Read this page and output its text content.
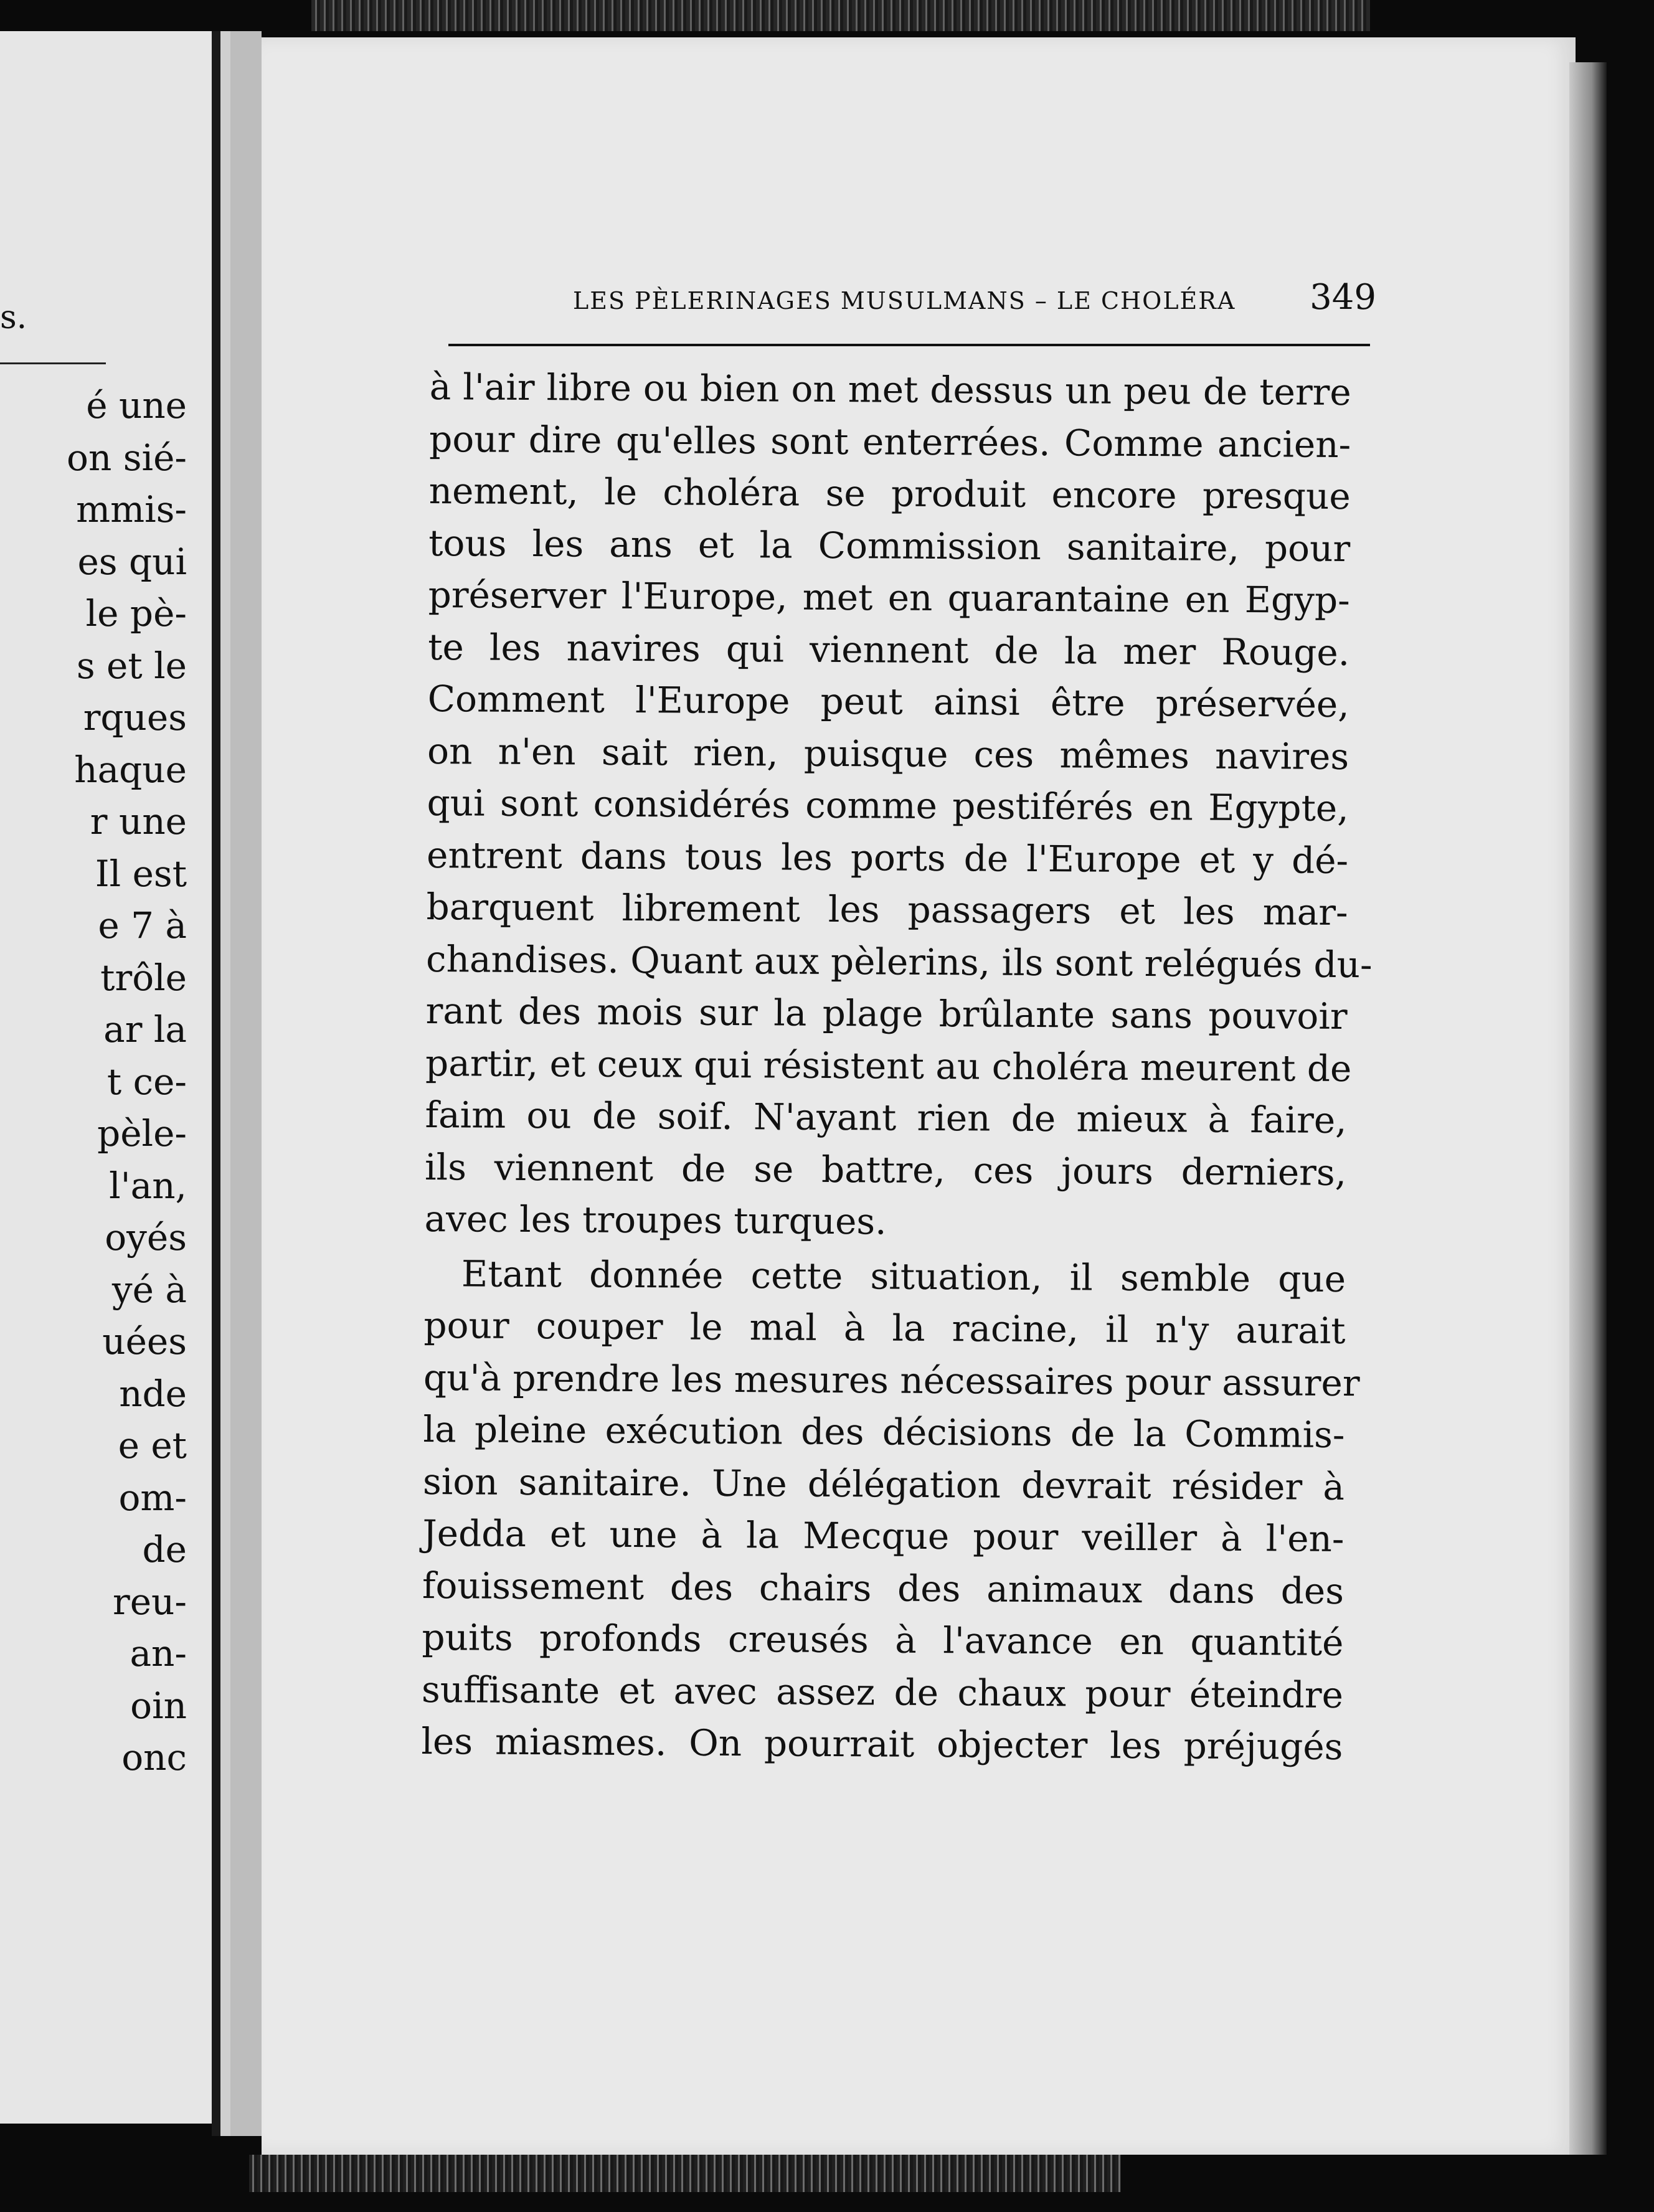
s.
é une
on sié-
mmis-
es qui
le pè-
s et le
rques
haque
r une
Il est
e 7 à
trôle
ar la
t ce-
pèle-
l'an,
oyés
yé à
uées
nde
e et
om-
de
reu-
an-
oin
onc
LES PÈLERINAGES MUSULMANS – LE CHOLÉRA 349
à l'air libre ou bien on met dessus un peu de terre
pour dire qu'elles sont enterrées. Comme ancien-
nement, le choléra se produit encore presque
tous les ans et la Commission sanitaire, pour
préserver l'Europe, met en quarantaine en Egyp-
te les navires qui viennent de la mer Rouge.
Comment l'Europe peut ainsi être préservée,
on n'en sait rien, puisque ces mêmes navires
qui sont considérés comme pestiférés en Egypte,
entrent dans tous les ports de l'Europe et y dé-
barquent librement les passagers et les mar-
chandises. Quant aux pèlerins, ils sont relégués du-
rant des mois sur la plage brûlante sans pouvoir
partir, et ceux qui résistent au choléra meurent de
faim ou de soif. N'ayant rien de mieux à faire,
ils viennent de se battre, ces jours derniers,
avec les troupes turques.
Etant donnée cette situation, il semble que
pour couper le mal à la racine, il n'y aurait
qu'à prendre les mesures nécessaires pour assurer
la pleine exécution des décisions de la Commis-
sion sanitaire. Une délégation devrait résider à
Jedda et une à la Mecque pour veiller à l'en-
fouissement des chairs des animaux dans des
puits profonds creusés à l'avance en quantité
suffisante et avec assez de chaux pour éteindre
les miasmes. On pourrait objecter les préjugés
